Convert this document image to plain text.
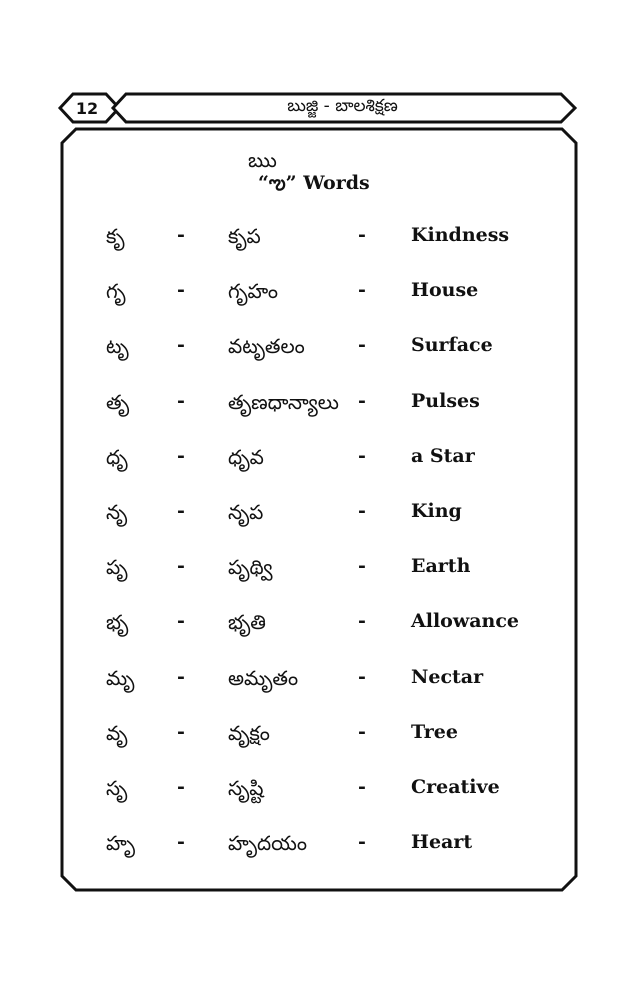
12	బుజ్జి - బాలశిక్షణ
ఋ
“ఌ” Words
కృ	- కృప	- Kindness
గృ	- గృహం	- House
టృ	- వటృతలం	- Surface
తృ	- తృణధాన్యాలు - Pulses
ధృ	- ధృవ	- a Star
నృ	- నృప	- King
పృ	- పృథ్వి	- Earth
భృ	- భృతి	- Allowance
మృ - అమృతం	- Nectar
వృ	- వృక్షం	- Tree
సృ	- సృష్టి	- Creative
హృ - హృదయం	- Heart
